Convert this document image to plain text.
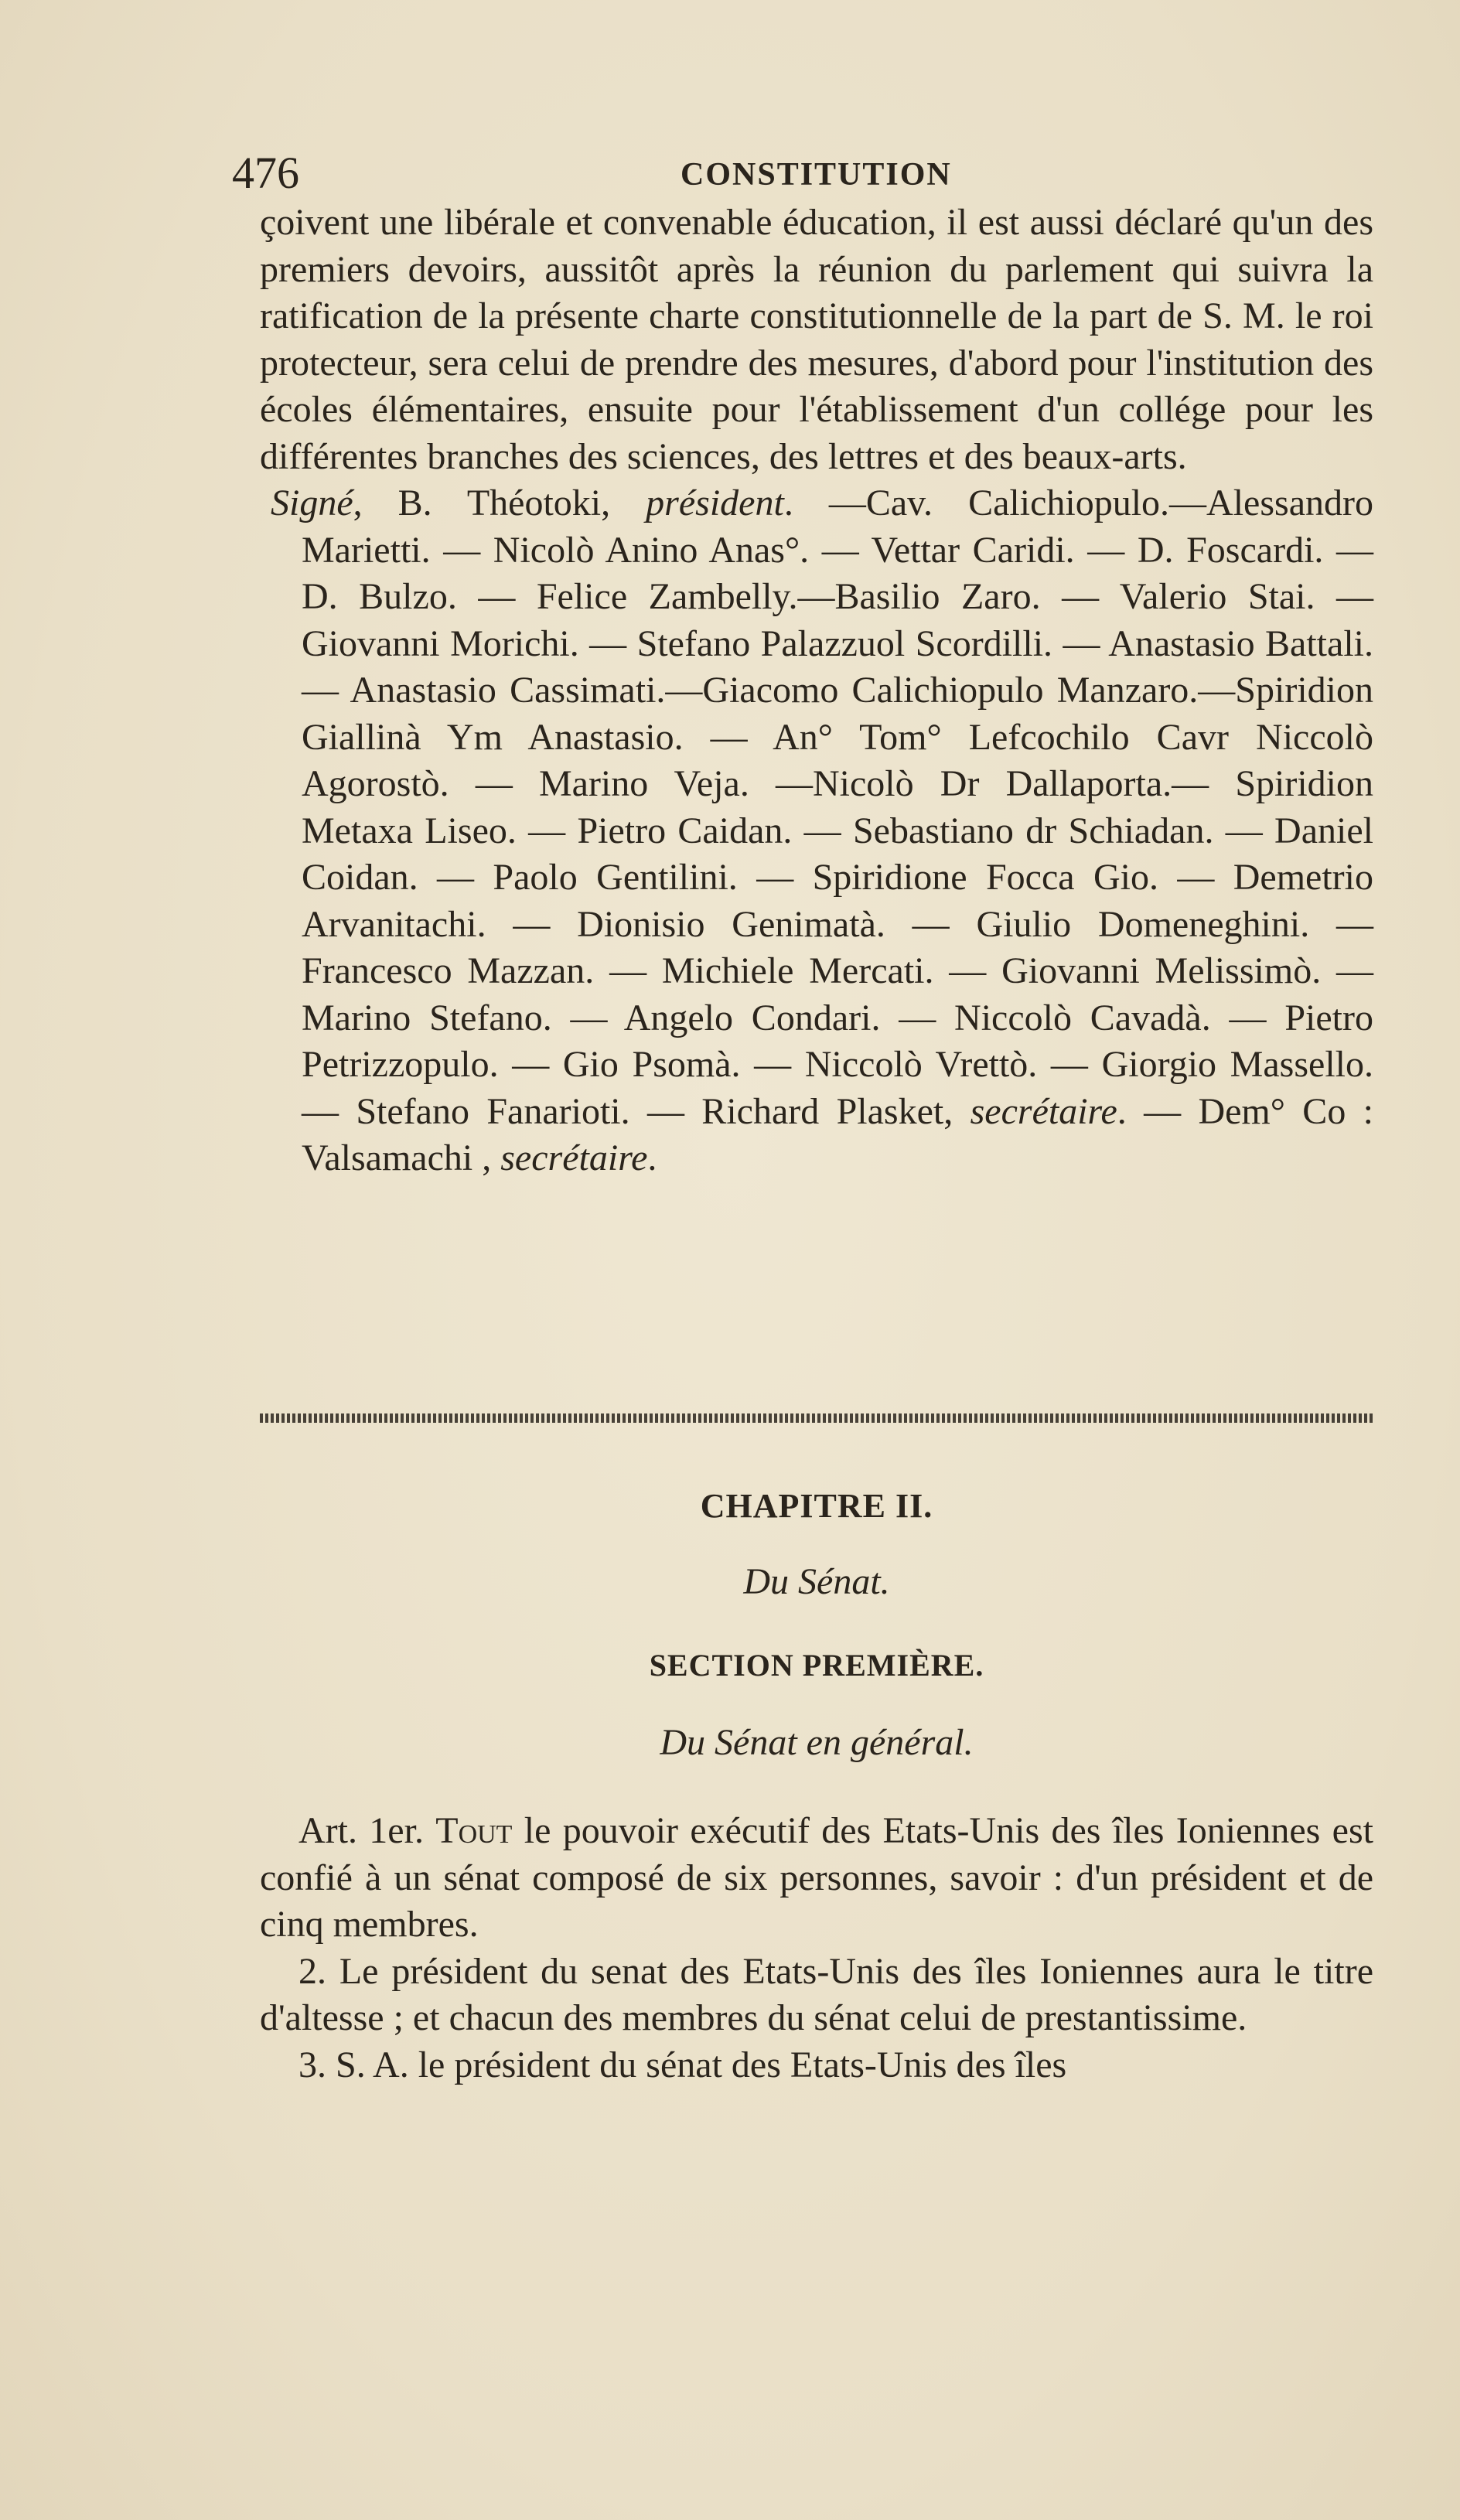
476	CONSTITUTION

çoivent une libérale et convenable éducation, il est aussi déclaré qu'un des premiers devoirs, aussitôt après la réunion du parlement qui suivra la ratification de la présente charte constitutionnelle de la part de S. M. le roi protecteur, sera celui de prendre des mesures, d'abord pour l'institution des écoles élémentaires, ensuite pour l'établissement d'un collége pour les différentes branches des sciences, des lettres et des beaux-arts.

Signé, B. Théotoki, président. —Cav. Calichiopulo.—Alessandro Marietti. — Nicolò Anino Anas°. — Vettar Caridi. — D. Foscardi. — D. Bulzo. — Felice Zambelly.—Basilio Zaro. — Valerio Stai. — Giovanni Morichi. — Stefano Palazzuol Scordilli. — Anastasio Battali. — Anastasio Cassimati.—Giacomo Calichiopulo Manzaro.—Spiridion Giallinà Ym Anastasio. — An° Tom° Lefcochilo Cavr Niccolò Agorostò. — Marino Veja. —Nicolò Dr Dallaporta.— Spiridion Metaxa Liseo. — Pietro Caidan. — Sebastiano dr Schiadan. — Daniel Coidan. — Paolo Gentilini. — Spiridione Focca Gio. — Demetrio Arvanitachi. — Dionisio Genimatà. — Giulio Domeneghini. — Francesco Mazzan. — Michiele Mercati. — Giovanni Melissimò. — Marino Stefano. — Angelo Condari. — Niccolò Cavadà. — Pietro Petrizzopulo. — Gio Psomà. — Niccolò Vrettò. — Giorgio Massello. — Stefano Fanarioti. — Richard Plasket, secrétaire. — Dem° Co : Valsamachi , secrétaire.

CHAPITRE II.
Du Sénat.
SECTION PREMIÈRE.
Du Sénat en général.

Art. 1er. Tout le pouvoir exécutif des Etats-Unis des îles Ioniennes est confié à un sénat composé de six personnes, savoir : d'un président et de cinq membres.

2. Le président du senat des Etats-Unis des îles Ioniennes aura le titre d'altesse ; et chacun des membres du sénat celui de prestantissime.

3. S. A. le président du sénat des Etats-Unis des îles
